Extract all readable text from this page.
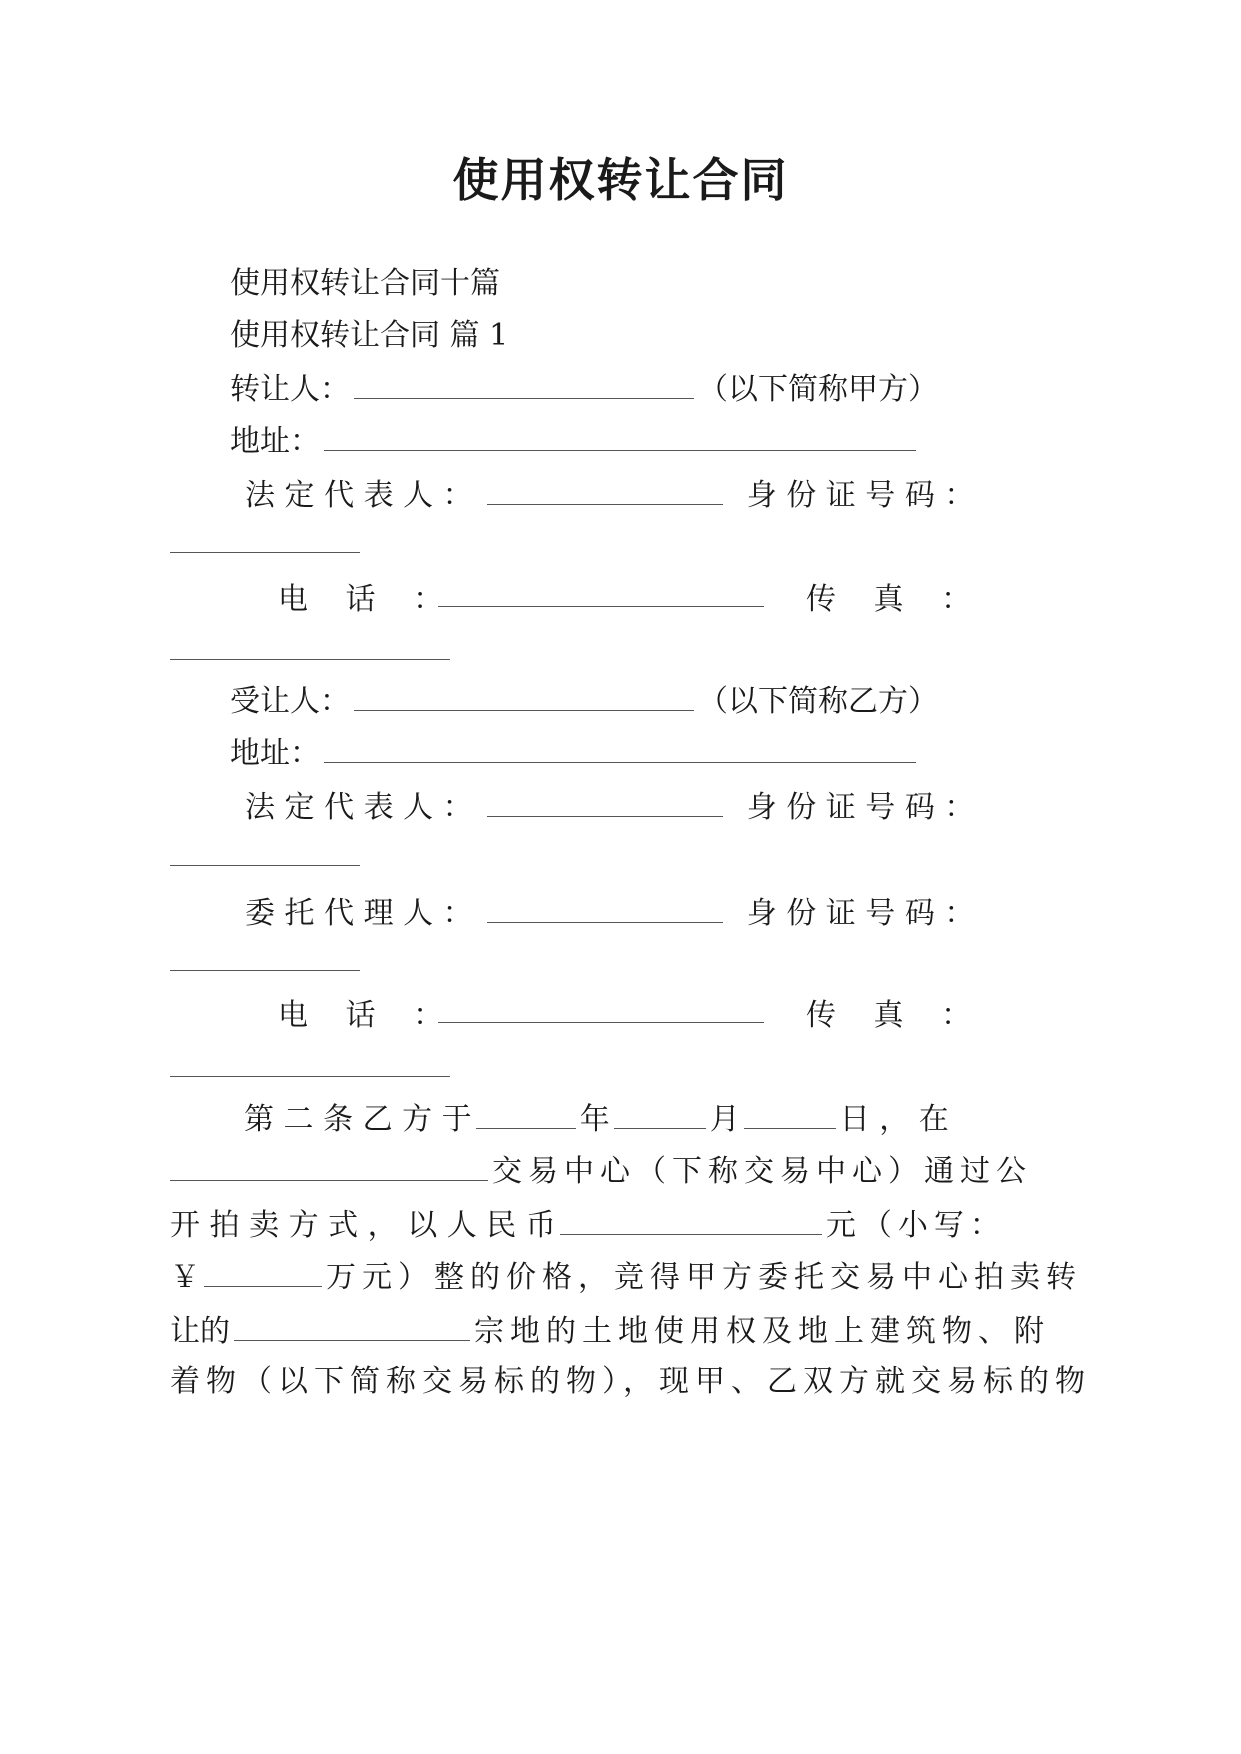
使用权转让合同
使用权转让合同十篇
使用权转让合同 篇 1
转让人：	（以下简称甲方）
地址：
法 定 代 表 人 ：	身 份 证 号 码 ：
电 话 ：	传 真 ：
受让人：	（以下简称乙方）
地址：
法 定 代 表 人 ：	身 份 证 号 码 ：
委 托 代 理 人 ：	身 份 证 号 码 ：
电 话 ：	传 真 ：
第 二 条 乙 方 于	年	月	日 ， 在
交易中心（下称交易中心）通过公
开 拍 卖 方 式 ， 以 人 民 币	元（小写：
￥	万元）整的价格，竞得甲方委托交易中心拍卖转
让的	宗地的土地使用权及地上建筑物、附
着物（以下简称交易标的物），现甲、乙双方就交易标的物
